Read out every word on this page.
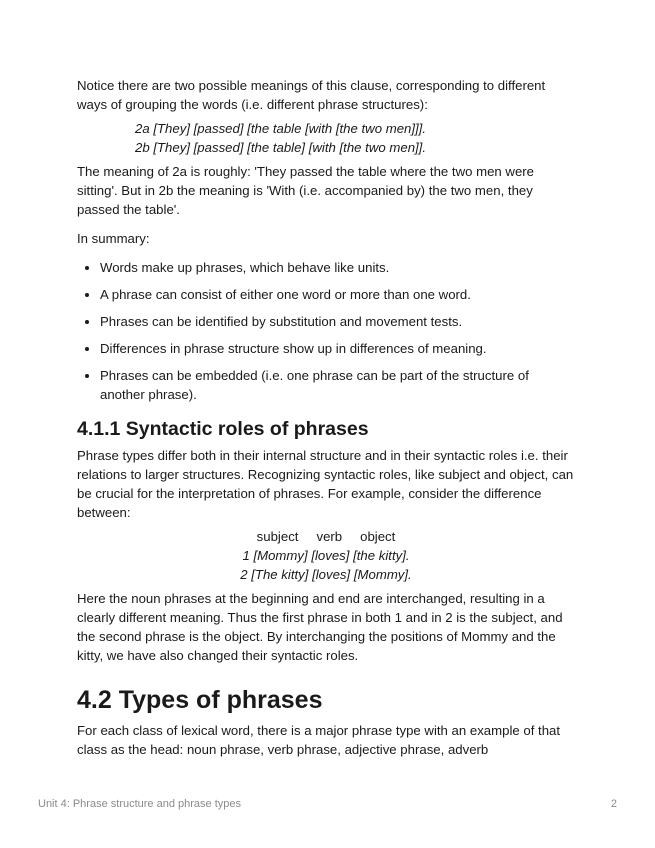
Notice there are two possible meanings of this clause, corresponding to different ways of grouping the words (i.e. different phrase structures):

2a [They] [passed] [the table [with [the two men]]].
2b [They] [passed] [the table] [with [the two men]].

The meaning of 2a is roughly: 'They passed the table where the two men were sitting'. But in 2b the meaning is 'With (i.e. accompanied by) the two men, they passed the table'.

In summary:

• Words make up phrases, which behave like units.
• A phrase can consist of either one word or more than one word.
• Phrases can be identified by substitution and movement tests.
• Differences in phrase structure show up in differences of meaning.
• Phrases can be embedded (i.e. one phrase can be part of the structure of another phrase).
4.1.1 Syntactic roles of phrases

Phrase types differ both in their internal structure and in their syntactic roles i.e. their relations to larger structures. Recognizing syntactic roles, like subject and object, can be crucial for the interpretation of phrases. For example, consider the difference between:

subject verb object
1 [Mommy] [loves] [the kitty].
2 [The kitty] [loves] [Mommy].

Here the noun phrases at the beginning and end are interchanged, resulting in a clearly different meaning. Thus the first phrase in both 1 and in 2 is the subject, and the second phrase is the object. By interchanging the positions of Mommy and the kitty, we have also changed their syntactic roles.

4.2 Types of phrases

For each class of lexical word, there is a major phrase type with an example of that class as the head: noun phrase, verb phrase, adjective phrase, adverb

Unit 4: Phrase structure and phrase types	2
